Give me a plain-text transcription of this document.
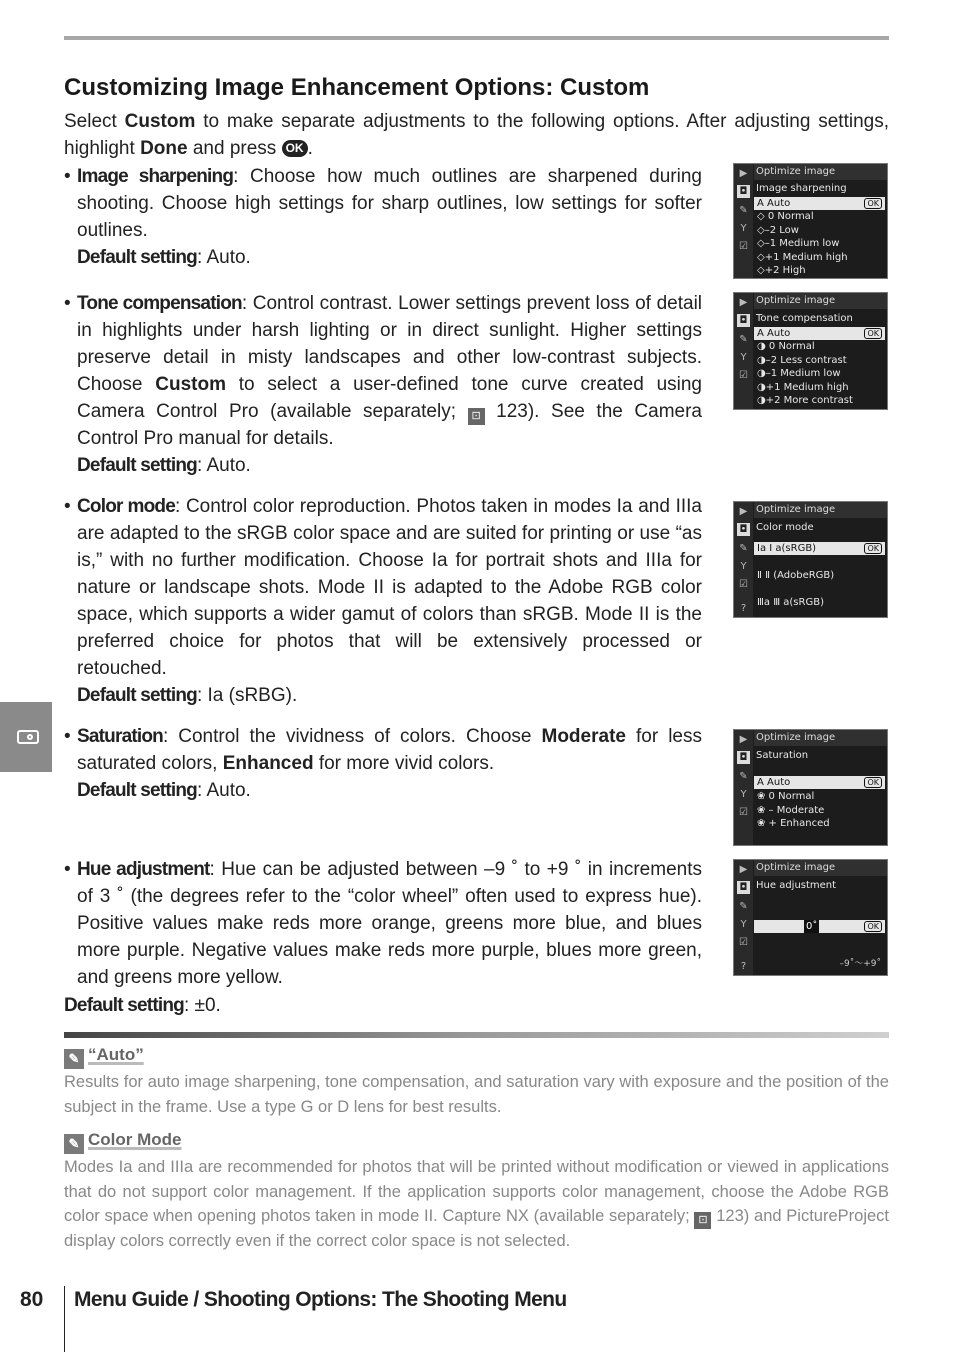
Customizing Image Enhancement Options: Custom
Select Custom to make separate adjustments to the following options. After adjusting settings, highlight Done and press OK .
• Image sharpening: Choose how much outlines are sharpened during shooting. Choose high settings for sharp outlines, low settings for softer outlines.
Default setting: Auto.
• Tone compensation: Control contrast. Lower settings prevent loss of detail in highlights under harsh lighting or in direct sunlight. Higher settings preserve detail in misty landscapes and other low-contrast subjects. Choose Custom to select a user-defined tone curve created using Camera Control Pro (available separately; ⊡ 123). See the Camera Control Pro manual for details.
Default setting: Auto.
• Color mode: Control color reproduction. Photos taken in modes Ia and IIIa are adapted to the sRGB color space and are suited for printing or use “as is,” with no further modification. Choose Ia for portrait shots and IIIa for nature or landscape shots. Mode II is adapted to the Adobe RGB color space, which supports a wider gamut of colors than sRGB. Mode II is the preferred choice for photos that will be extensively processed or retouched.
Default setting: Ia (sRBG).
• Saturation: Control the vividness of colors. Choose Moderate for less saturated colors, Enhanced for more vivid colors.
Default setting: Auto.
• Hue adjustment: Hue can be adjusted between –9 ˚ to +9 ˚ in increments of 3 ˚ (the degrees refer to the “color wheel” often used to express hue). Positive values make reds more orange, greens more blue, and blues more purple. Negative values make reds more purple, blues more green, and greens more yellow.
Default setting: ±0.
▶
◘
✎
Y
☑
Optimize image
Image sharpening
A Auto	OK
◇ 0 Normal
◇–2 Low
◇–1 Medium low
◇+1 Medium high
◇+2 High
▶
◘
✎
Y
☑
Optimize image
Tone compensation
A Auto	OK
◑ 0 Normal
◑–2 Less contrast
◑–1 Medium low
◑+1 Medium high
◑+2 More contrast
▶
◘
✎
Y
☑
?
Optimize image
Color mode
Ia Ⅰ a(sRGB)	OK
Ⅱ Ⅱ (AdobeRGB)
Ⅲa Ⅲ a(sRGB)
▶
◘
✎
Y
☑
Optimize image
Saturation
A Auto	OK
❀ 0 Normal
❀ – Moderate
❀ + Enhanced
▶
◘
✎
Y
☑
?
Optimize image
Hue adjustment
0˚	OK
–9˚～+9˚
✎ “Auto”
Results for auto image sharpening, tone compensation, and saturation vary with exposure and the position of the subject in the frame. Use a type G or D lens for best results.
✎ Color Mode
Modes Ia and IIIa are recommended for photos that will be printed without modification or viewed in applications that do not support color management. If the application supports color management, choose the Adobe RGB color space when opening photos taken in mode II. Capture NX (available separately; ⊡ 123) and PictureProject display colors correctly even if the correct color space is not selected.
80 Menu Guide / Shooting Options: The Shooting Menu
